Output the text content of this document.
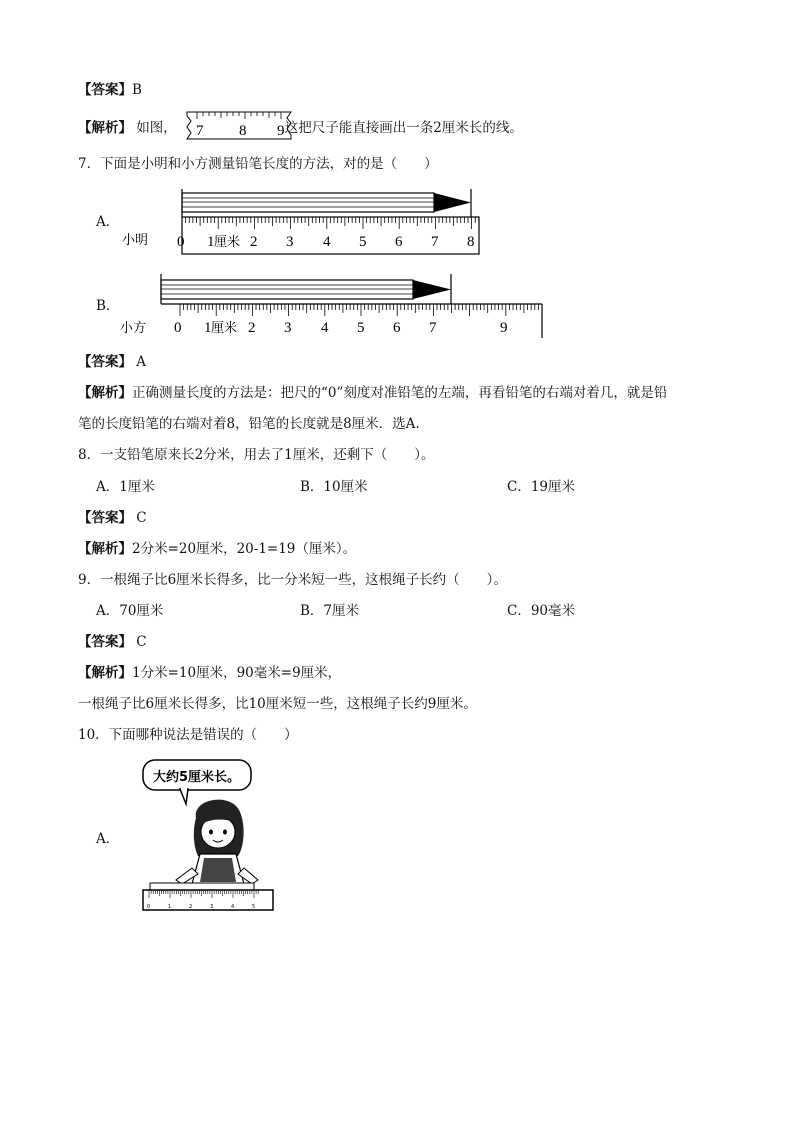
【答案】B
【解析】 如图，	这把尺子能直接画出一条2厘米长的线。
7 8 9
7．下面是小明和小方测量铅笔长度的方法，对的是（　　）
A．
小明 0 1 厘米 2 3 4 5 6 7 8
B．
小方 0 1 厘米 2 3 4 5 6 7	9
【答案】 A
【解析】正确测量长度的方法是：把尺的“0”刻度对准铅笔的左端，再看铅笔的右端对着几，就是铅
笔的长度铅笔的右端对着8，铅笔的长度就是8厘米．选A.
8．一支铅笔原来长2分米，用去了1厘米，还剩下（　　）。
A．1厘米	B．10厘米	C．19厘米
【答案】 C
【解析】2分米=20厘米，20-1=19（厘米）。
9．一根绳子比6厘米长得多，比一分米短一些，这根绳子长约（　　）。
A．70厘米	B．7厘米	C．90毫米
【答案】 C
【解析】1分米=10厘米，90毫米=9厘米，
一根绳子比6厘米长得多，比10厘米短一些，这根绳子长约9厘米。
10．下面哪种说法是错误的（　　）
A．
大约5厘米长。
0	1	2	3	4	5
